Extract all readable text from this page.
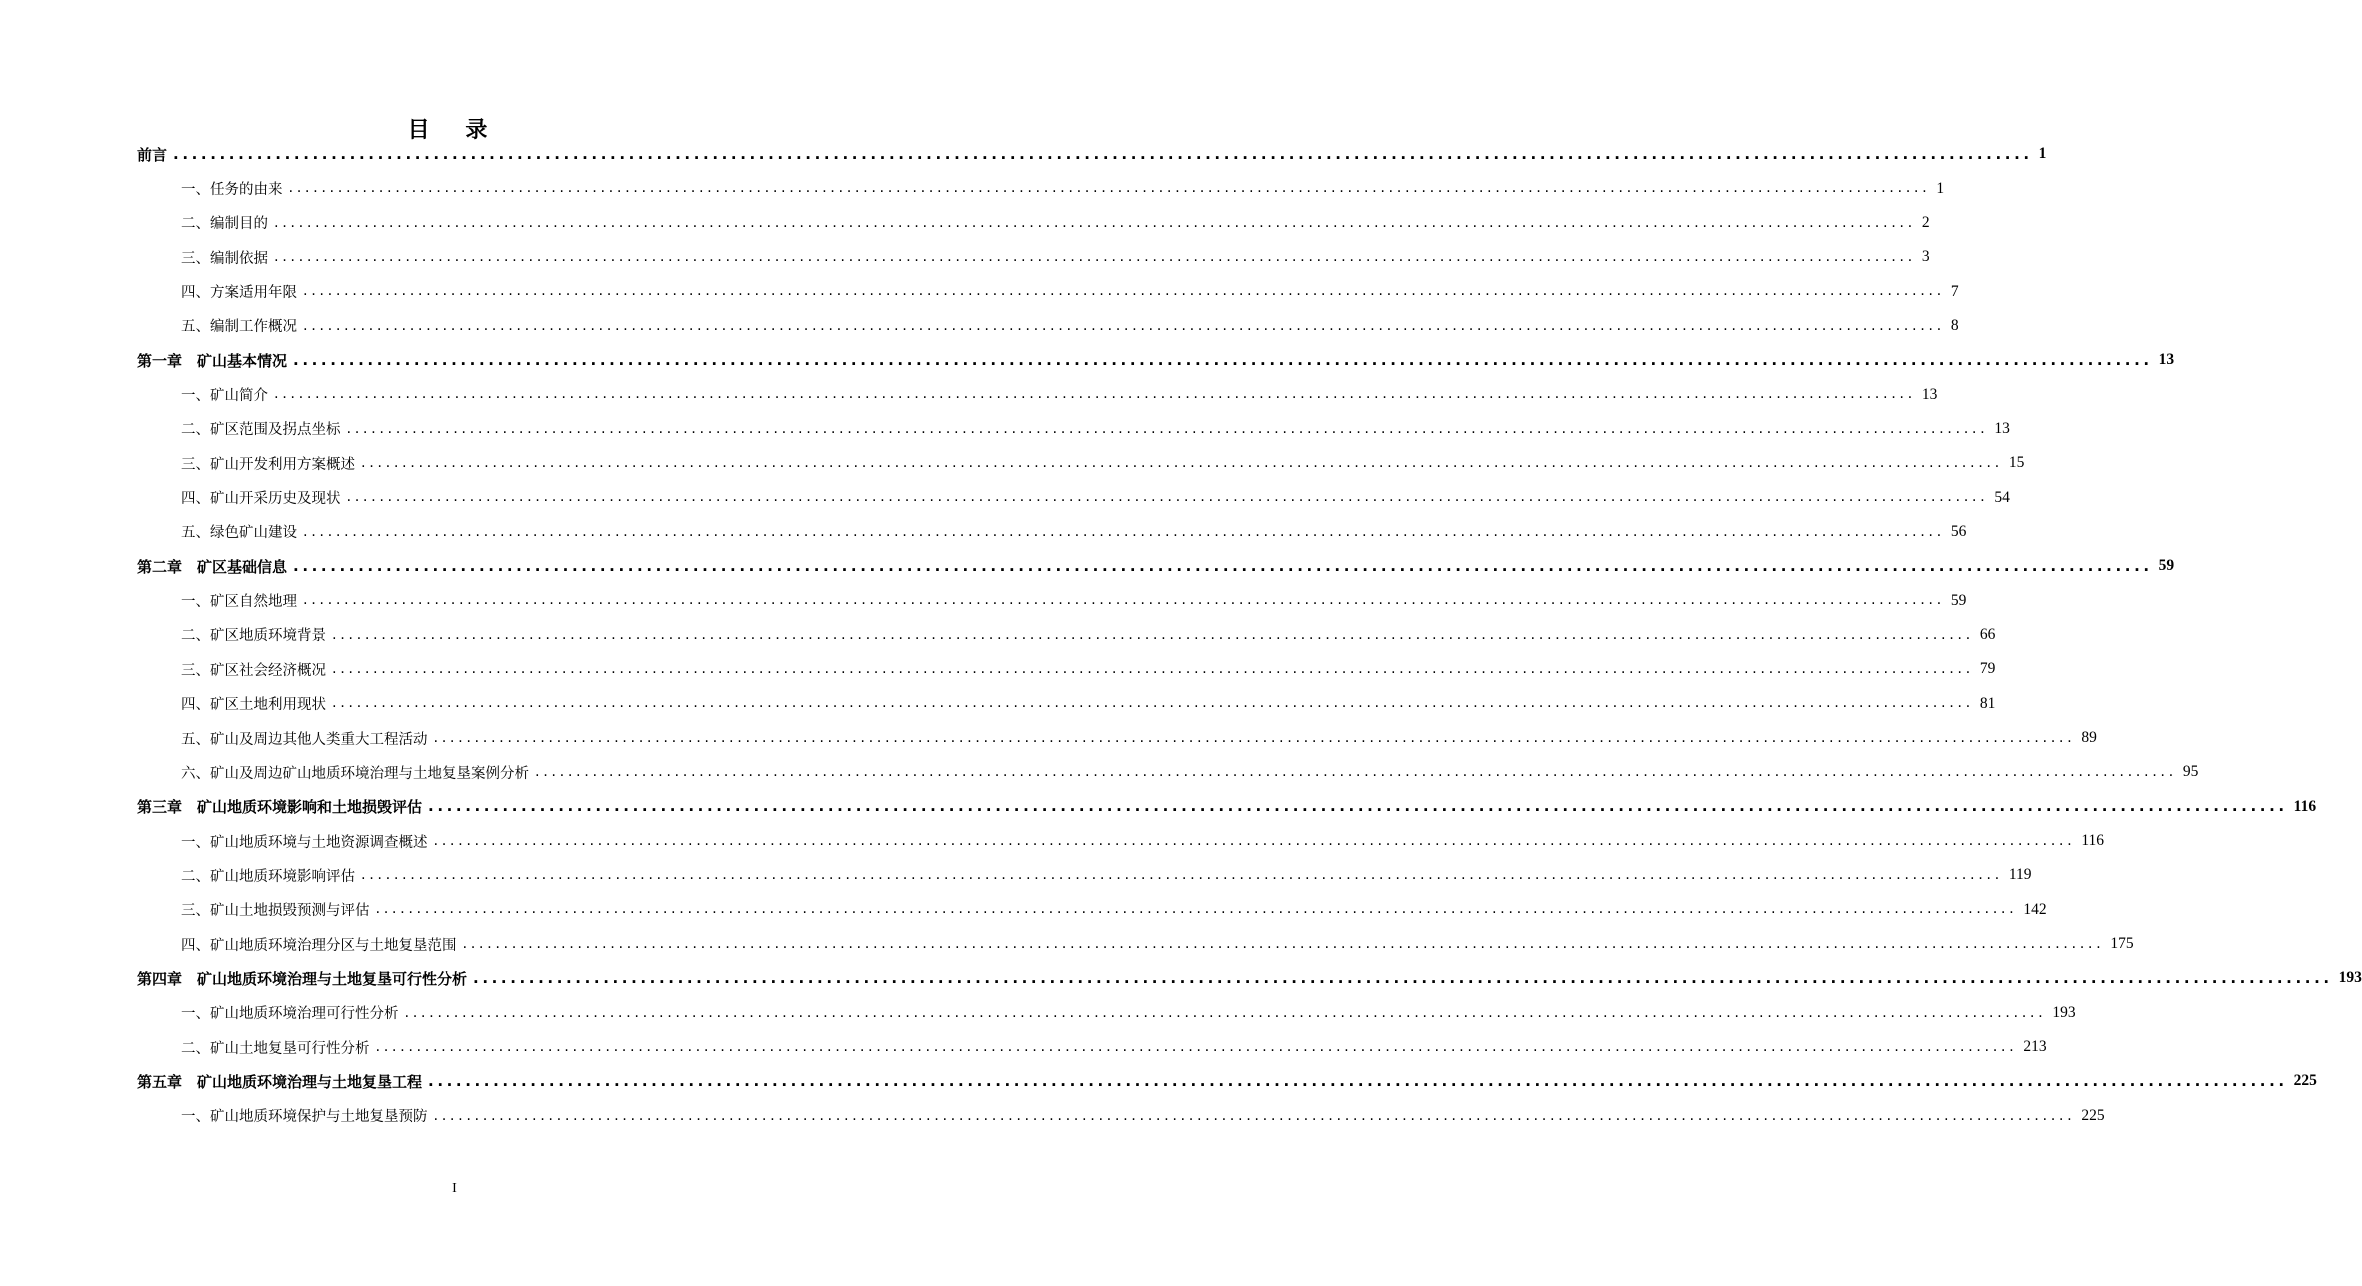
目 录
前言 ........................................................................................................................................................................................................ 1
一、任务的由来 ........................................................................................................................................................................................................ 1
二、编制目的 ........................................................................................................................................................................................................ 2
三、编制依据 ........................................................................................................................................................................................................ 3
四、方案适用年限 ........................................................................................................................................................................................................ 7
五、编制工作概况 ........................................................................................................................................................................................................ 8
第一章　矿山基本情况 ........................................................................................................................................................................................................ 13
一、矿山简介 ........................................................................................................................................................................................................ 13
二、矿区范围及拐点坐标 ........................................................................................................................................................................................................ 13
三、矿山开发利用方案概述 ........................................................................................................................................................................................................ 15
四、矿山开采历史及现状 ........................................................................................................................................................................................................ 54
五、绿色矿山建设 ........................................................................................................................................................................................................ 56
第二章　矿区基础信息 ........................................................................................................................................................................................................ 59
一、矿区自然地理 ........................................................................................................................................................................................................ 59
二、矿区地质环境背景 ........................................................................................................................................................................................................ 66
三、矿区社会经济概况 ........................................................................................................................................................................................................ 79
四、矿区土地利用现状 ........................................................................................................................................................................................................ 81
五、矿山及周边其他人类重大工程活动 ........................................................................................................................................................................................................ 89
六、矿山及周边矿山地质环境治理与土地复垦案例分析 ........................................................................................................................................................................................................ 95
第三章　矿山地质环境影响和土地损毁评估 ........................................................................................................................................................................................................ 116
一、矿山地质环境与土地资源调查概述 ........................................................................................................................................................................................................ 116
二、矿山地质环境影响评估 ........................................................................................................................................................................................................ 119
三、矿山土地损毁预测与评估 ........................................................................................................................................................................................................ 142
四、矿山地质环境治理分区与土地复垦范围 ........................................................................................................................................................................................................ 175
第四章　矿山地质环境治理与土地复垦可行性分析 ........................................................................................................................................................................................................ 193
一、矿山地质环境治理可行性分析 ........................................................................................................................................................................................................ 193
二、矿山土地复垦可行性分析 ........................................................................................................................................................................................................ 213
第五章　矿山地质环境治理与土地复垦工程 ........................................................................................................................................................................................................ 225
一、矿山地质环境保护与土地复垦预防 ........................................................................................................................................................................................................ 225
I
